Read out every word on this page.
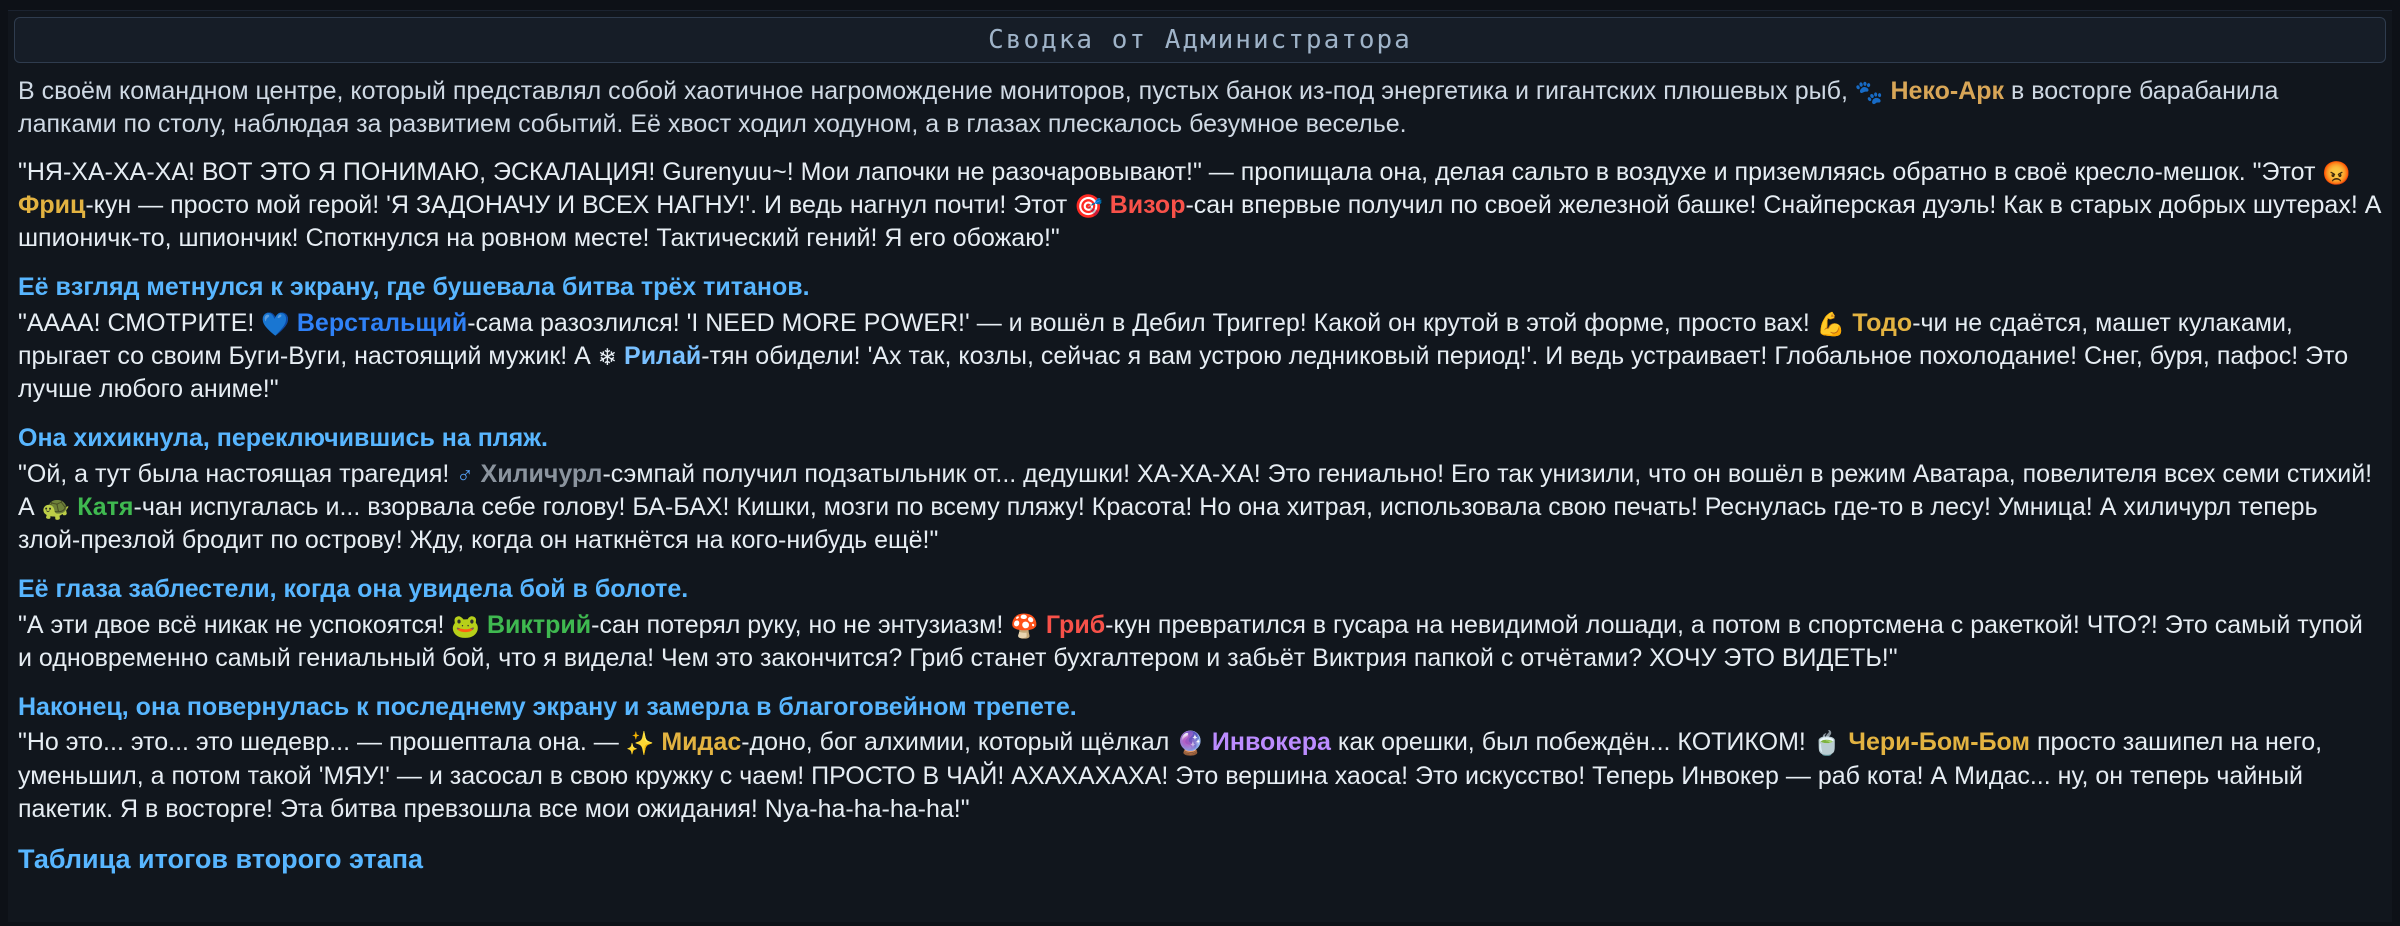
Сводка от Администратора
В своём командном центре, который представлял собой хаотичное нагромождение мониторов, пустых банок из-под энергетика и гигантских плюшевых рыб, 🐾 Неко-Арк в восторге барабанила лапками по столу, наблюдая за развитием событий. Её хвост ходил ходуном, а в глазах плескалось безумное веселье.
"НЯ-ХА-ХА-ХА! ВОТ ЭТО Я ПОНИМАЮ, ЭСКАЛАЦИЯ! Gurenyuu~! Мои лапочки не разочаровывают!" — пропищала она, делая сальто в воздухе и приземляясь обратно в своё кресло-мешок. "Этот 😡 Фриц-кун — просто мой герой! 'Я ЗАДОНАЧУ И ВСЕХ НАГНУ!'. И ведь нагнул почти! Этот 🎯 Визор-сан впервые получил по своей железной башке! Снайперская дуэль! Как в старых добрых шутерах! А шпионичк-то, шпиончик! Споткнулся на ровном месте! Тактический гений! Я его обожаю!"
Её взгляд метнулся к экрану, где бушевала битва трёх титанов.
"АААА! СМОТРИТЕ! 💙 Верстальщий-сама разозлился! 'I NEED MORE POWER!' — и вошёл в Дебил Триггер! Какой он крутой в этой форме, просто вах! 💪 Тодо-чи не сдаётся, машет кулаками, прыгает со своим Буги-Вуги, настоящий мужик! А ❄ Рилай-тян обидели! 'Ах так, козлы, сейчас я вам устрою ледниковый период!'. И ведь устраивает! Глобальное похолодание! Снег, буря, пафос! Это лучше любого аниме!"
Она хихикнула, переключившись на пляж.
"Ой, а тут была настоящая трагедия! ♂ Хиличурл-сэмпай получил подзатыльник от... дедушки! ХА-ХА-ХА! Это гениально! Его так унизили, что он вошёл в режим Аватара, повелителя всех семи стихий! А 🐢 Катя-чан испугалась и... взорвала себе голову! БА-БАХ! Кишки, мозги по всему пляжу! Красота! Но она хитрая, использовала свою печать! Реснулась где-то в лесу! Умница! А хиличурл теперь злой-презлой бродит по острову! Жду, когда он наткнётся на кого-нибудь ещё!"
Её глаза заблестели, когда она увидела бой в болоте.
"А эти двое всё никак не успокоятся! 🐸 Виктрий-сан потерял руку, но не энтузиазм! 🍄 Гриб-кун превратился в гусара на невидимой лошади, а потом в спортсмена с ракеткой! ЧТО?! Это самый тупой и одновременно самый гениальный бой, что я видела! Чем это закончится? Гриб станет бухгалтером и забьёт Виктрия папкой с отчётами? ХОЧУ ЭТО ВИДЕТЬ!"
Наконец, она повернулась к последнему экрану и замерла в благоговейном трепете.
"Но это... это... это шедевр... — прошептала она. — ✨ Мидас-доно, бог алхимии, который щёлкал 🔮 Инвокера как орешки, был побеждён... КОТИКОМ! 🍵 Чери-Бом-Бом просто зашипел на него, уменьшил, а потом такой 'МЯУ!' — и засосал в свою кружку с чаем! ПРОСТО В ЧАЙ! АХАХАХАХА! Это вершина хаоса! Это искусство! Теперь Инвокер — раб кота! А Мидас... ну, он теперь чайный пакетик. Я в восторге! Эта битва превзошла все мои ожидания! Nya-ha-ha-ha-ha!"
Таблица итогов второго этапа
